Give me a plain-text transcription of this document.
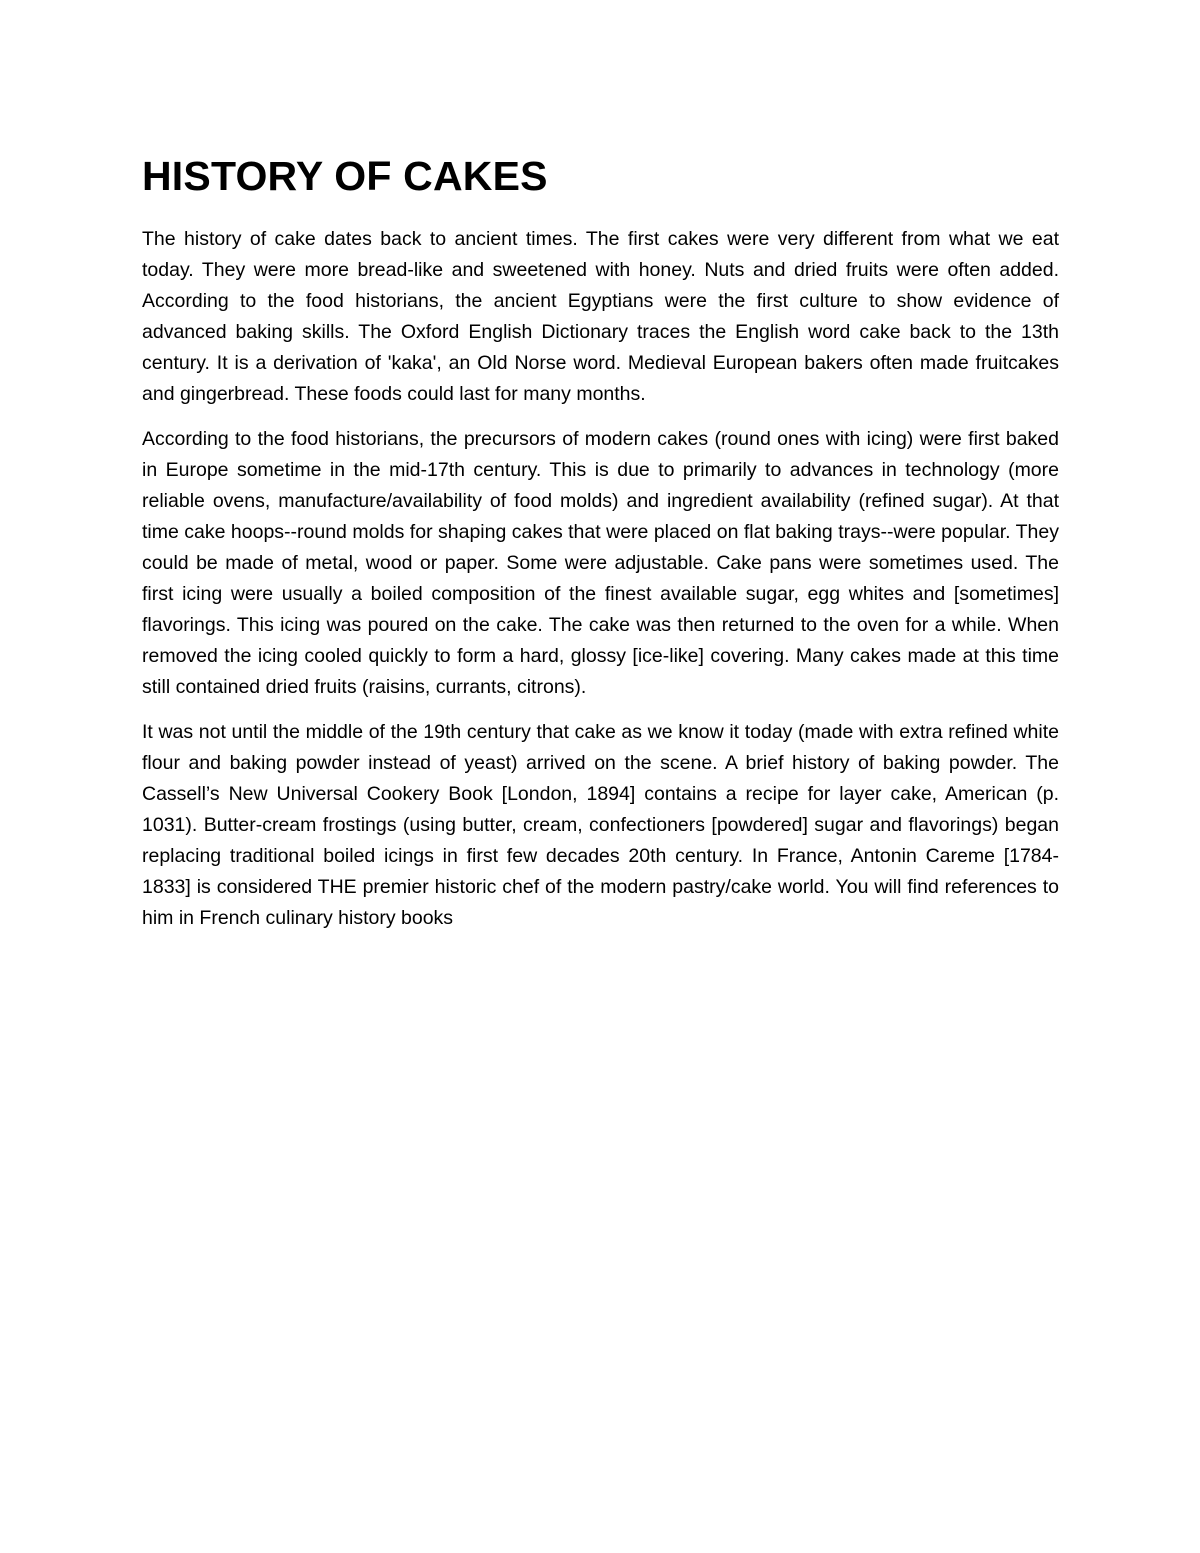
HISTORY OF CAKES

The history of cake dates back to ancient times. The first cakes were very different from what we eat today. They were more bread-like and sweetened with honey. Nuts and dried fruits were often added. According to the food historians, the ancient Egyptians were the first culture to show evidence of advanced baking skills. The Oxford English Dictionary traces the English word cake back to the 13th century. It is a derivation of 'kaka', an Old Norse word. Medieval European bakers often made fruitcakes and gingerbread. These foods could last for many months.

According to the food historians, the precursors of modern cakes (round ones with icing) were first baked in Europe sometime in the mid-17th century. This is due to primarily to advances in technology (more reliable ovens, manufacture/availability of food molds) and ingredient availability (refined sugar). At that time cake hoops--round molds for shaping cakes that were placed on flat baking trays--were popular. They could be made of metal, wood or paper. Some were adjustable. Cake pans were sometimes used. The first icing were usually a boiled composition of the finest available sugar, egg whites and [sometimes] flavorings. This icing was poured on the cake. The cake was then returned to the oven for a while. When removed the icing cooled quickly to form a hard, glossy [ice-like] covering. Many cakes made at this time still contained dried fruits (raisins, currants, citrons).

It was not until the middle of the 19th century that cake as we know it today (made with extra refined white flour and baking powder instead of yeast) arrived on the scene. A brief history of baking powder. The Cassell’s New Universal Cookery Book [London, 1894] contains a recipe for layer cake, American (p. 1031). Butter-cream frostings (using butter, cream, confectioners [powdered] sugar and flavorings) began replacing traditional boiled icings in first few decades 20th century. In France, Antonin Careme [1784-1833] is considered THE premier historic chef of the modern pastry/cake world. You will find references to him in French culinary history books
